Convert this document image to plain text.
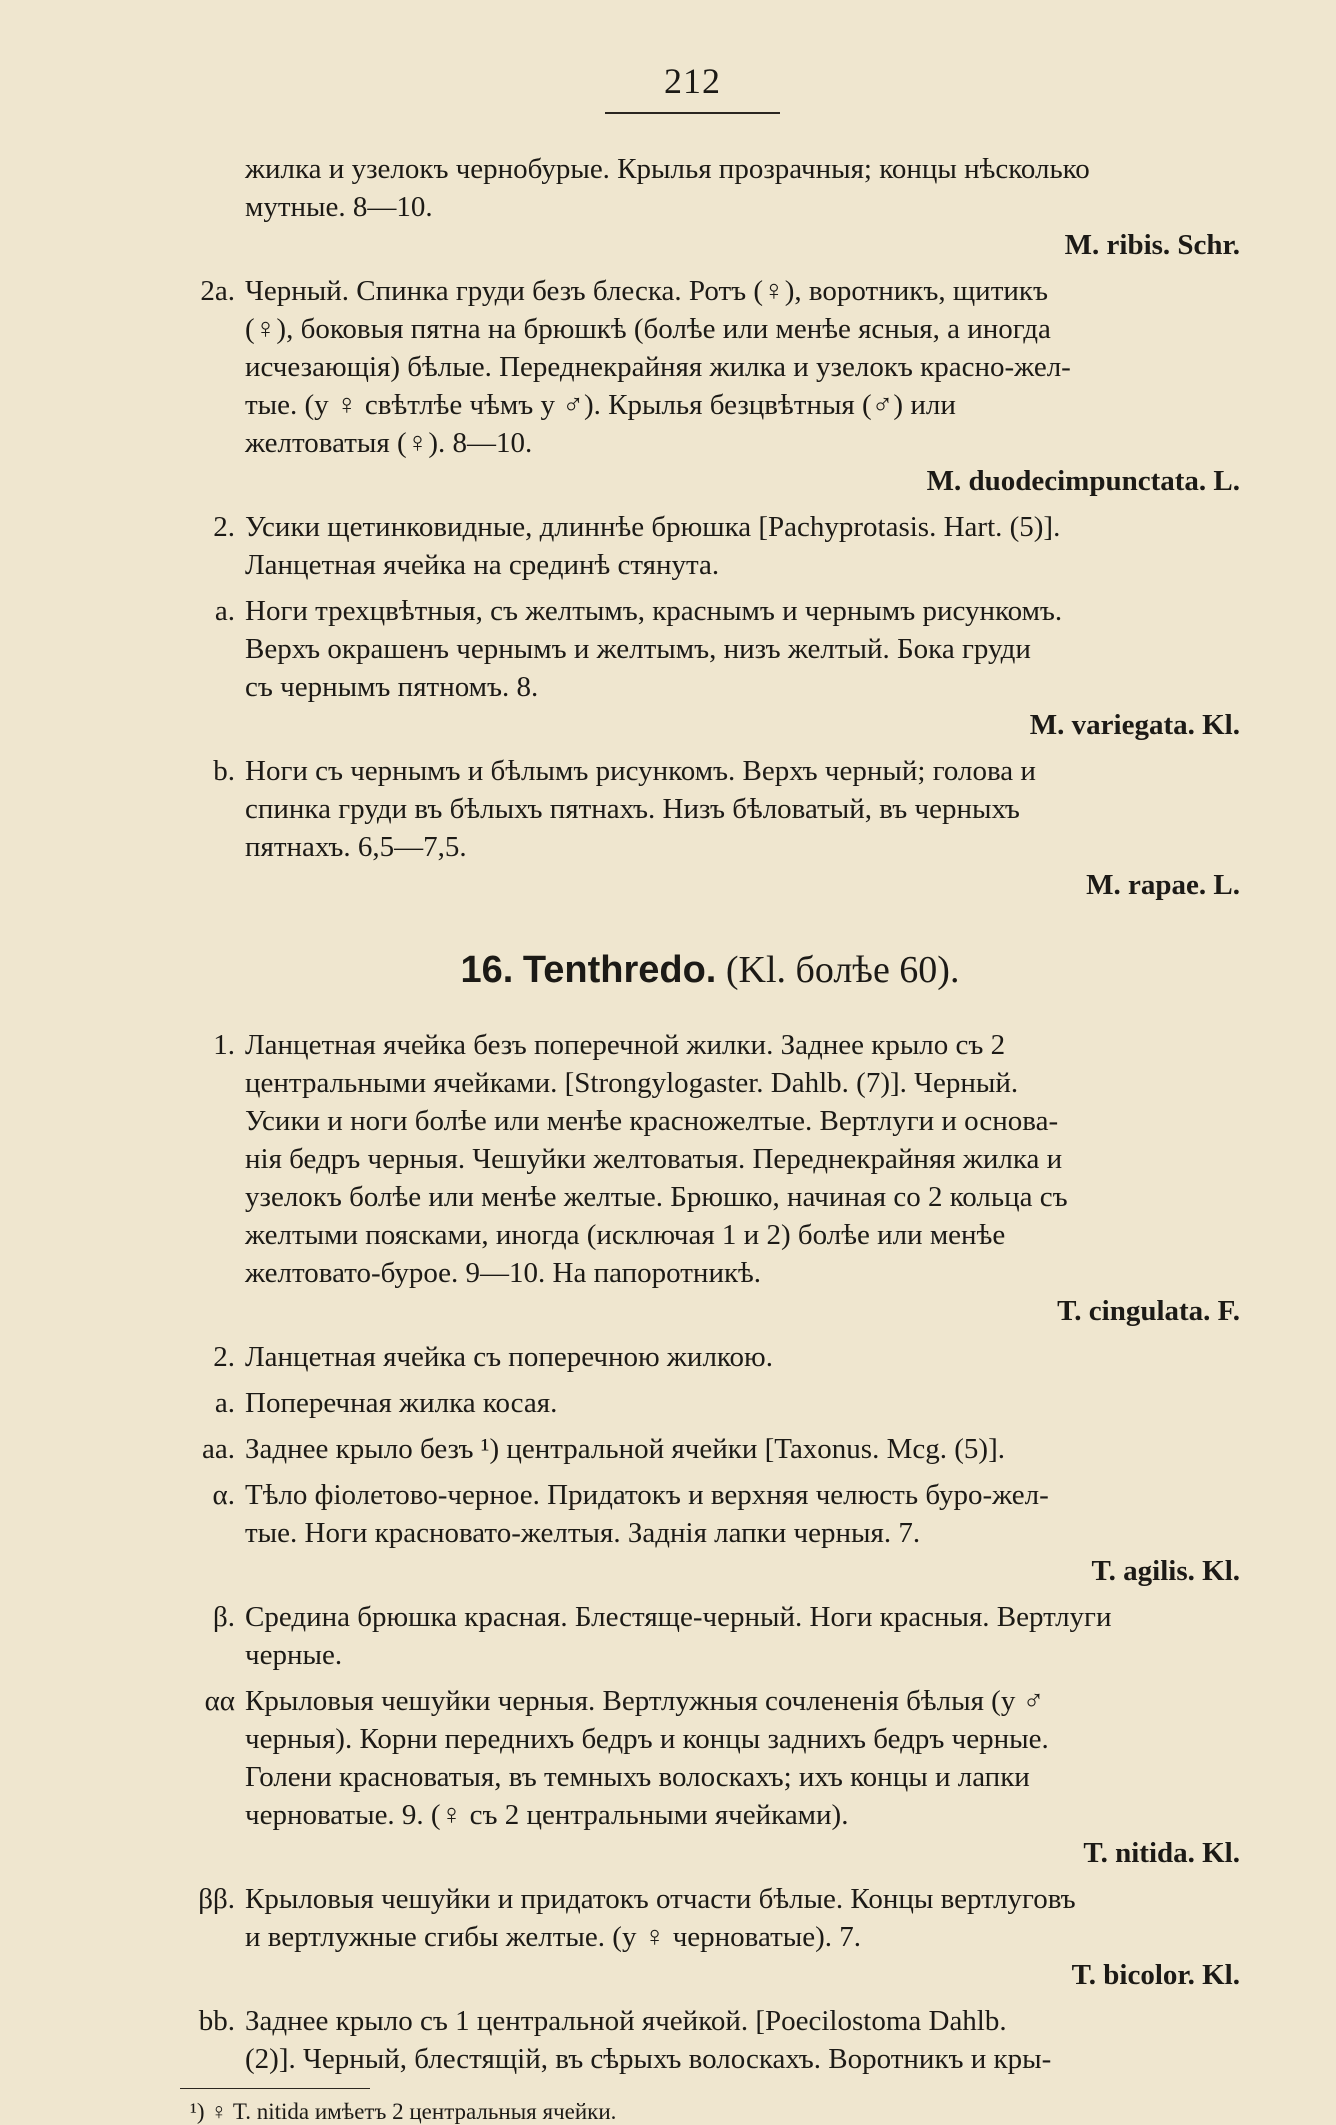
212
жилка и узелокъ чернобурые. Крылья прозрачныя; концы нѣсколько
мутные. 8—10.
M. ribis. Schr.
2a. Черный. Спинка груди безъ блеска. Ротъ (♀), воротникъ, щитикъ
(♀), боковыя пятна на брюшкѣ (болѣе или менѣе ясныя, а иногда
исчезающія) бѣлые. Переднекрайняя жилка и узелокъ красно-жел-
тые. (у ♀ свѣтлѣе чѣмъ у ♂). Крылья безцвѣтныя (♂) или
желтоватыя (♀). 8—10.
M. duodecimpunctata. L.
2. Усики щетинковидные, длиннѣе брюшка [Pachyprotasis. Hart. (5)].
Ланцетная ячейка на срединѣ стянута.
a. Ноги трехцвѣтныя, съ желтымъ, краснымъ и чернымъ рисункомъ.
Верхъ окрашенъ чернымъ и желтымъ, низъ желтый. Бока груди
съ чернымъ пятномъ. 8.
M. variegata. Kl.
b. Ноги съ чернымъ и бѣлымъ рисункомъ. Верхъ черный; голова и
спинка груди въ бѣлыхъ пятнахъ. Низъ бѣловатый, въ черныхъ
пятнахъ. 6,5—7,5.
M. rapae. L.
16. Tenthredo. (Kl. болѣе 60).
1. Ланцетная ячейка безъ поперечной жилки. Заднее крыло съ 2
центральными ячейками. [Strongylogaster. Dahlb. (7)]. Черный.
Усики и ноги болѣе или менѣе красножелтые. Вертлуги и основа-
нія бедръ черныя. Чешуйки желтоватыя. Переднекрайняя жилка и
узелокъ болѣе или менѣе желтые. Брюшко, начиная со 2 кольца съ
желтыми поясками, иногда (исключая 1 и 2) болѣе или менѣе
желтовато-бурое. 9—10. На папоротникѣ.
T. cingulata. F.
2. Ланцетная ячейка съ поперечною жилкою.
a. Поперечная жилка косая.
aa. Заднее крыло безъ ¹) центральной ячейки [Taxonus. Mcg. (5)].
α. Тѣло фіолетово-черное. Придатокъ и верхняя челюсть буро-жел-
тые. Ноги красновато-желтыя. Заднія лапки черныя. 7.
T. agilis. Kl.
β. Средина брюшка красная. Блестяще-черный. Ноги красныя. Вертлуги
черные.
αα Крыловыя чешуйки черныя. Вертлужныя сочлененія бѣлыя (у ♂
черныя). Корни переднихъ бедръ и концы заднихъ бедръ черные.
Голени красноватыя, въ темныхъ волоскахъ; ихъ концы и лапки
черноватые. 9. (♀ съ 2 центральными ячейками).
T. nitida. Kl.
ββ. Крыловыя чешуйки и придатокъ отчасти бѣлые. Концы вертлуговъ
и вертлужные сгибы желтые. (у ♀ черноватые). 7.
T. bicolor. Kl.
bb. Заднее крыло съ 1 центральной ячейкой. [Poecilostoma Dahlb.
(2)]. Черный, блестящій, въ сѣрыхъ волоскахъ. Воротникъ и кры-
¹) ♀ T. nitida имѣетъ 2 центральныя ячейки.
